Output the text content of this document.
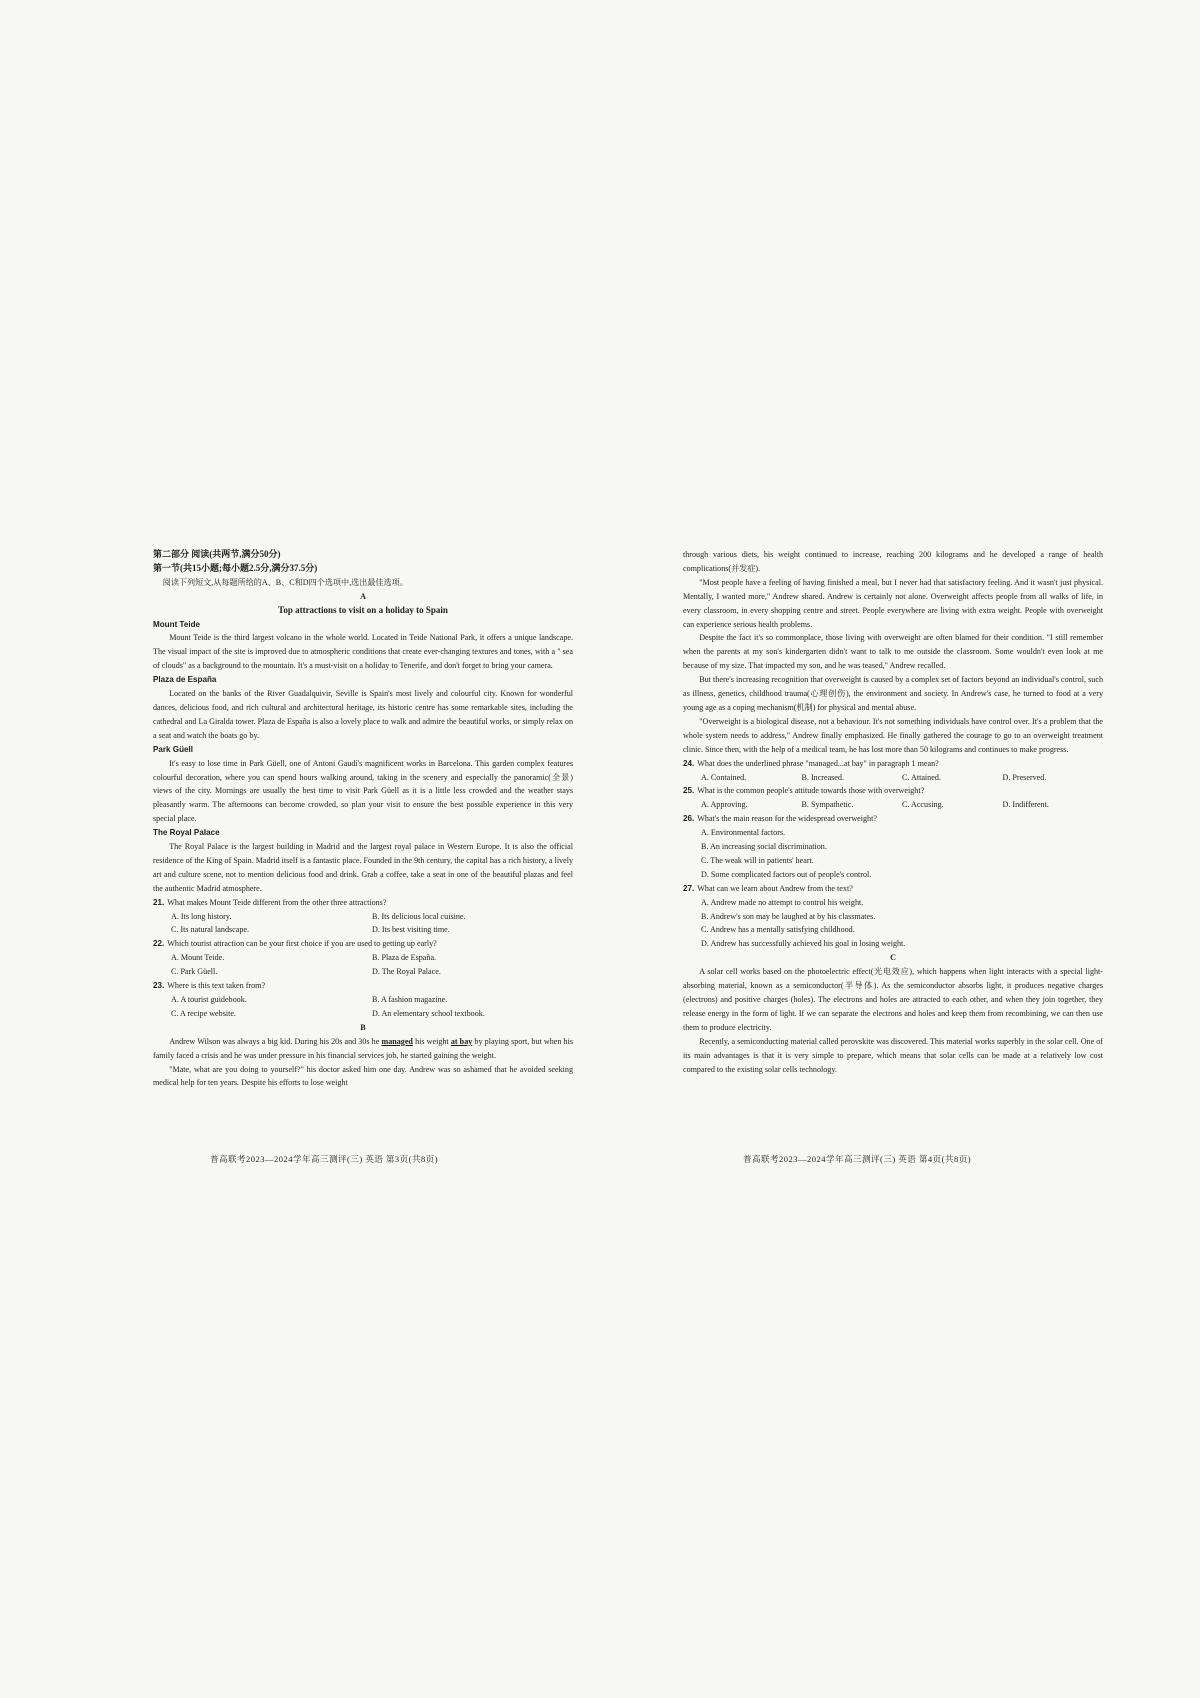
第二部分 阅读(共两节,满分50分)

第一节(共15小题;每小题2.5分,满分37.5分)

阅读下列短文,从每题所给的A、B、C和D四个选项中,选出最佳选项。

A

Top attractions to visit on a holiday to Spain

Mount Teide

Mount Teide is the third largest volcano in the whole world. Located in Teide National Park, it offers a unique landscape. The visual impact of the site is improved due to atmospheric conditions that create ever-changing textures and tones, with a " sea of clouds" as a background to the mountain. It's a must-visit on a holiday to Tenerife, and don't forget to bring your camera.

Plaza de España

Located on the banks of the River Guadalquivir, Seville is Spain's most lively and colourful city. Known for wonderful dances, delicious food, and rich cultural and architectural heritage, its historic centre has some remarkable sites, including the cathedral and La Giralda tower. Plaza de España is also a lovely place to walk and admire the beautiful works, or simply relax on a seat and watch the boats go by.

Park Güell

It's easy to lose time in Park Güell, one of Antoni Gaudí's magnificent works in Barcelona. This garden complex features colourful decoration, where you can spend hours walking around, taking in the scenery and especially the panoramic(全景) views of the city. Mornings are usually the best time to visit Park Güell as it is a little less crowded and the weather stays pleasantly warm. The afternoons can become crowded, so plan your visit to ensure the best possible experience in this very special place.

The Royal Palace

The Royal Palace is the largest building in Madrid and the largest royal palace in Western Europe. It is also the official residence of the King of Spain. Madrid itself is a fantastic place. Founded in the 9th century, the capital has a rich history, a lively art and culture scene, not to mention delicious food and drink. Grab a coffee, take a seat in one of the beautiful plazas and feel the authentic Madrid atmosphere.

21. What makes Mount Teide different from the other three attractions?

A. Its long history.	B. Its delicious local cuisine.
C. Its natural landscape.	D. Its best visiting time.

22. Which tourist attraction can be your first choice if you are used to getting up early?

A. Mount Teide.	B. Plaza de España.
C. Park Güell.	D. The Royal Palace.

23. Where is this text taken from?

A. A tourist guidebook.	B. A fashion magazine.
C. A recipe website.	D. An elementary school textbook.

B

Andrew Wilson was always a big kid. During his 20s and 30s he managed his weight at bay by playing sport, but when his family faced a crisis and he was under pressure in his financial services job, he started gaining the weight.

"Mate, what are you doing to yourself?" his doctor asked him one day. Andrew was so ashamed that he avoided seeking medical help for ten years. Despite his efforts to lose weight

普高联考2023—2024学年高三测评(三) 英语 第3页(共8页)

through various diets, his weight continued to increase, reaching 200 kilograms and he developed a range of health complications(并发症).

"Most people have a feeling of having finished a meal, but I never had that satisfactory feeling. And it wasn't just physical. Mentally, I wanted more," Andrew shared. Andrew is certainly not alone. Overweight affects people from all walks of life, in every classroom, in every shopping centre and street. People everywhere are living with extra weight. People with overweight can experience serious health problems.

Despite the fact it's so commonplace, those living with overweight are often blamed for their condition. "I still remember when the parents at my son's kindergarten didn't want to talk to me outside the classroom. Some wouldn't even look at me because of my size. That impacted my son, and he was teased," Andrew recalled.

But there's increasing recognition that overweight is caused by a complex set of factors beyond an individual's control, such as illness, genetics, childhood trauma(心理创伤), the environment and society. In Andrew's case, he turned to food at a very young age as a coping mechanism(机制) for physical and mental abuse.

"Overweight is a biological disease, not a behaviour. It's not something individuals have control over. It's a problem that the whole system needs to address," Andrew finally emphasized. He finally gathered the courage to go to an overweight treatment clinic. Since then, with the help of a medical team, he has lost more than 50 kilograms and continues to make progress.

24. What does the underlined phrase "managed...at bay" in paragraph 1 mean?

A. Contained.	B. Increased.	C. Attained.	D. Preserved.

25. What is the common people's attitude towards those with overweight?

A. Approving.	B. Sympathetic.	C. Accusing.	D. Indifferent.

26. What's the main reason for the widespread overweight?

A. Environmental factors.

B. An increasing social discrimination.

C. The weak will in patients' heart.

D. Some complicated factors out of people's control.

27. What can we learn about Andrew from the text?

A. Andrew made no attempt to control his weight.

B. Andrew's son may be laughed at by his classmates.

C. Andrew has a mentally satisfying childhood.

D. Andrew has successfully achieved his goal in losing weight.

C

A solar cell works based on the photoelectric effect(光电效应), which happens when light interacts with a special light-absorbing material, known as a semiconductor(半导体). As the semiconductor absorbs light, it produces negative charges (electrons) and positive charges (holes). The electrons and holes are attracted to each other, and when they join together, they release energy in the form of light. If we can separate the electrons and holes and keep them from recombining, we can then use them to produce electricity.

Recently, a semiconducting material called perovskite was discovered. This material works superbly in the solar cell. One of its main advantages is that it is very simple to prepare, which means that solar cells can be made at a relatively low cost compared to the existing solar cells technology.

普高联考2023—2024学年高三测评(三) 英语 第4页(共8页)
